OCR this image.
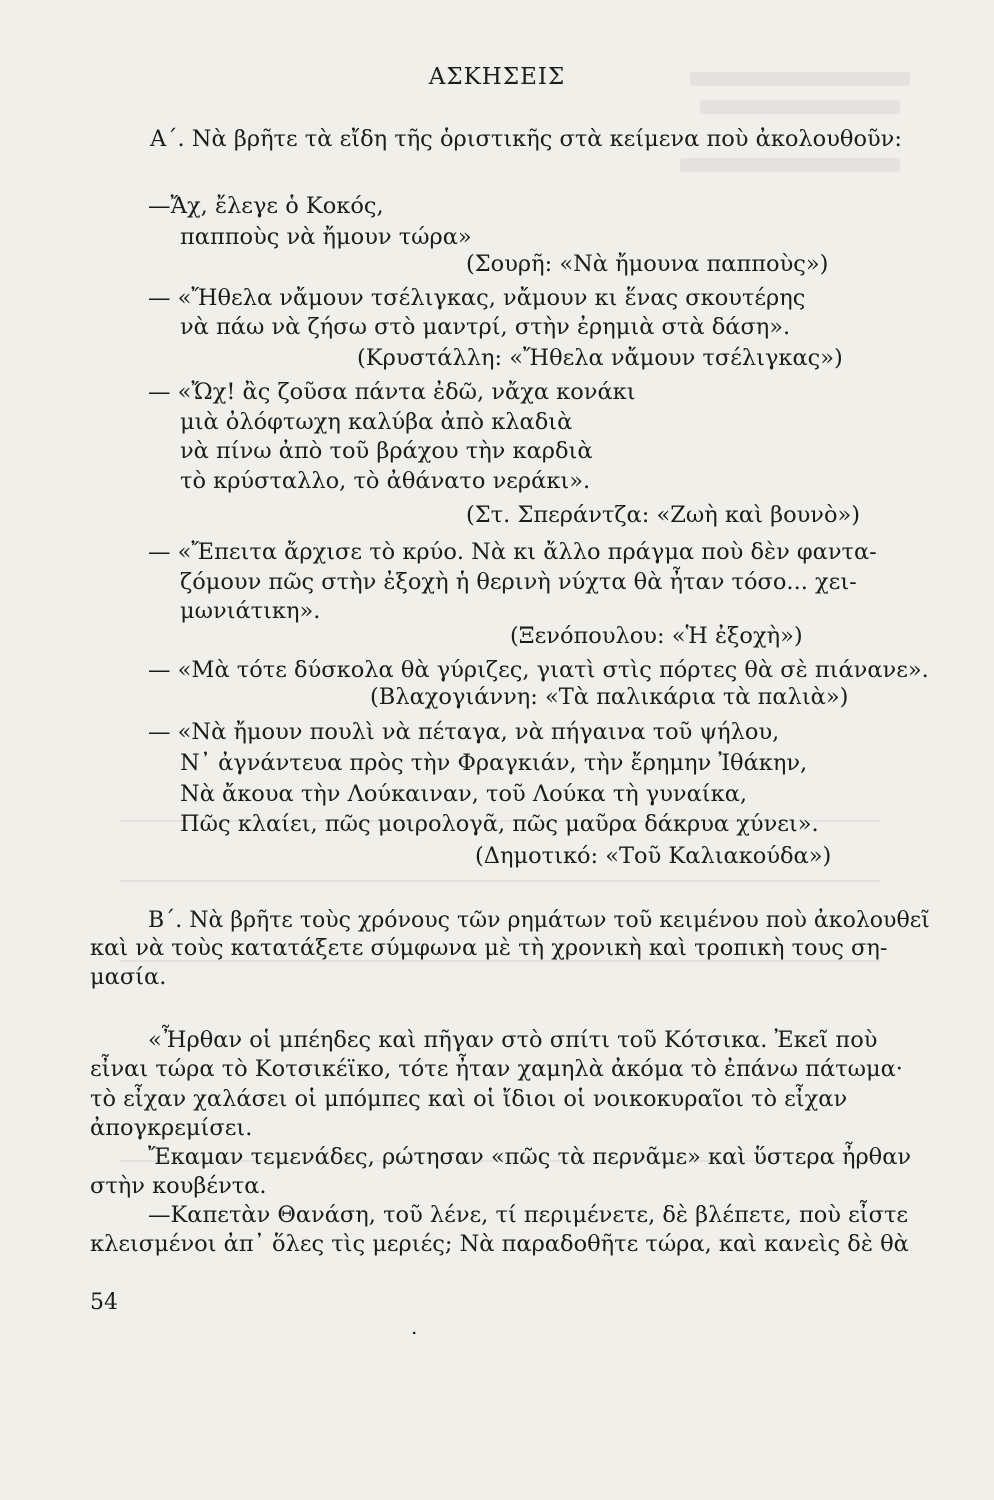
ΑΣΚΗΣΕΙΣ
Α΄. Νὰ βρῆτε τὰ εἴδη τῆς ὁριστικῆς στὰ κείμενα ποὺ ἀκολουθοῦν:
—Ἄχ, ἔλεγε ὁ Κοκός,
παπποὺς νὰ ἤμουν τώρα»
(Σουρῆ: «Νὰ ἤμουνα παπποὺς»)
— «Ἤθελα νἄμουν τσέλιγκας, νἄμουν κι ἕνας σκουτέρης
νὰ πάω νὰ ζήσω στὸ μαντρί, στὴν ἐρημιὰ στὰ δάση».
(Κρυστάλλη: «Ἤθελα νἄμουν τσέλιγκας»)
— «Ὤχ! ἂς ζοῦσα πάντα ἐδῶ, νἄχα κονάκι
μιὰ ὀλόφτωχη καλύβα ἀπὸ κλαδιὰ
νὰ πίνω ἀπὸ τοῦ βράχου τὴν καρδιὰ
τὸ κρύσταλλο, τὸ ἀθάνατο νεράκι».
(Στ. Σπεράντζα: «Ζωὴ καὶ βουνὸ»)
— «Ἔπειτα ἄρχισε τὸ κρύο. Νὰ κι ἄλλο πράγμα ποὺ δὲν φαντα-
ζόμουν πῶς στὴν ἐξοχὴ ἡ θερινὴ νύχτα θὰ ἦταν τόσο... χει-
μωνιάτικη».
(Ξενόπουλου: «Ἡ ἐξοχὴ»)
— «Μὰ τότε δύσκολα θὰ γύριζες, γιατὶ στὶς πόρτες θὰ σὲ πιάνανε».
(Βλαχογιάννη: «Τὰ παλικάρια τὰ παλιὰ»)
— «Νὰ ἤμουν πουλὶ νὰ πέταγα, νὰ πήγαινα τοῦ ψήλου,
Ν᾽ ἀγνάντευα πρὸς τὴν Φραγκιάν, τὴν ἔρημην Ἰθάκην,
Νὰ ἄκουα τὴν Λούκαιναν, τοῦ Λούκα τὴ γυναίκα,
Πῶς κλαίει, πῶς μοιρολογᾶ, πῶς μαῦρα δάκρυα χύνει».
(Δημοτικό: «Τοῦ Καλιακούδα»)
Β΄. Νὰ βρῆτε τοὺς χρόνους τῶν ρημάτων τοῦ κειμένου ποὺ ἀκολουθεῖ
καὶ νὰ τοὺς κατατάξετε σύμφωνα μὲ τὴ χρονικὴ καὶ τροπικὴ τους ση-
μασία.
«Ἦρθαν οἱ μπέηδες καὶ πῆγαν στὸ σπίτι τοῦ Κότσικα. Ἐκεῖ ποὺ
εἶναι τώρα τὸ Κοτσικέϊκο, τότε ἦταν χαμηλὰ ἀκόμα τὸ ἐπάνω πάτωμα·
τὸ εἶχαν χαλάσει οἱ μπόμπες καὶ οἱ ἴδιοι οἱ νοικοκυραῖοι τὸ εἶχαν
ἀπογκρεμίσει.
Ἔκαμαν τεμενάδες, ρώτησαν «πῶς τὰ περνᾶμε» καὶ ὕστερα ἦρθαν
στὴν κουβέντα.
—Καπετὰν Θανάση, τοῦ λένε, τί περιμένετε, δὲ βλέπετε, ποὺ εἶστε
κλεισμένοι ἀπ᾽ ὅλες τὶς μεριές; Νὰ παραδοθῆτε τώρα, καὶ κανεὶς δὲ θὰ
54
.
